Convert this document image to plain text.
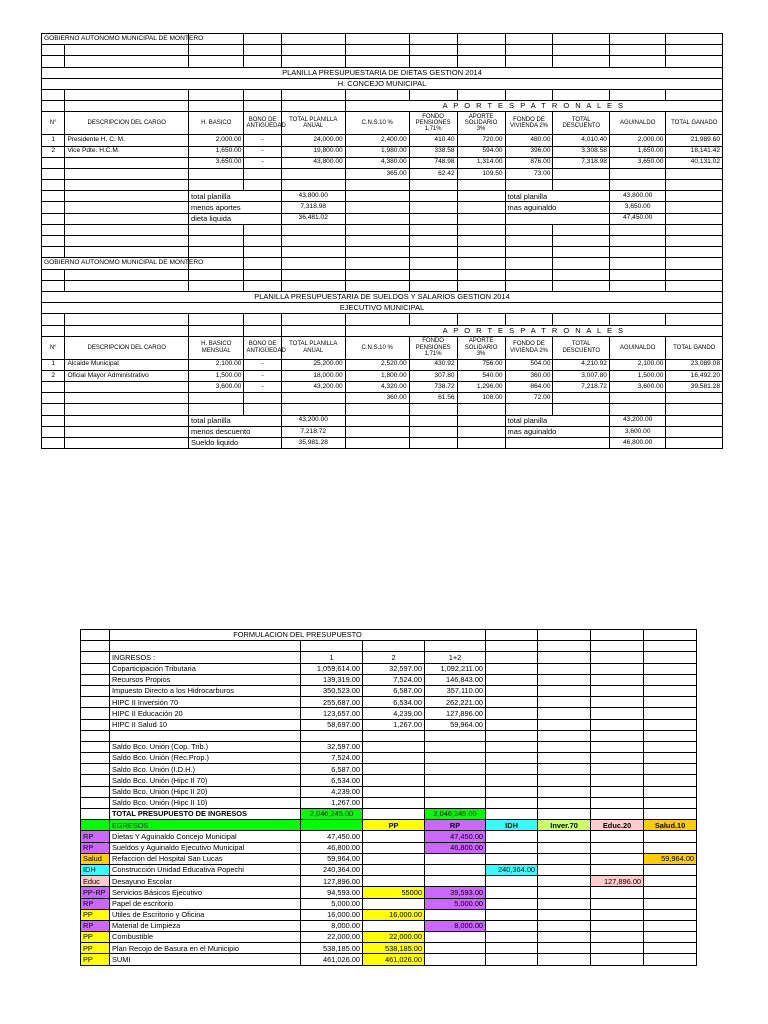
GOBIERNO AUTONOMO MUNICIPAL DE MONTERO											

PLANILLA PRESUPUESTARIA DE DIETAS GESTION 2014											
H. CONCEJO MUNICIPAL											

					A P O R T E S P A T R O N A L E S						
N°	DESCRIPCION DEL CARGO	H. BASICO	BONO DE ANTIGÜEDAD	TOTAL PLANILLA ANUAL	C.N.S.10 %	FONDO PENSIONES 1,71%	APORTE SOLIDARIO 3%	FONDO DE VIVIENDA 2%	TOTAL DESCUENTO	AGUINALDO	TOTAL GANADO
1	Presidente H. C. M.	2,000.00	-	24,000.00	2,400.00	410.40	720.00	480.00	4,010.40	2,000.00	21,989.60
2	Vice Pdte. H.C.M.	1,650.00	-	19,800.00	1,980.00	338.58	594.00	396.00	3,308.58	1,650.00	18,141.42
		3,650.00	-	43,800.00	4,380.00	748.98	1,314.00	876.00	7,318.98	3,650.00	40,131.02
					365.00	62.42	109.50	73.00			

		total planilla		43,800.00				total planilla		43,800.00	
		menos aportes		7,318.98				mas aguinaldo		3,650.00	
		dieta liquida		36,481.02						47,450.00	

GOBIERNO AUTONOMO MUNICIPAL DE MONTERO											

PLANILLA PRESUPUESTARIA DE SUELDOS Y SALARIOS GESTION 2014											
EJECUTIVO MUNICIPAL											

					A P O R T E S P A T R O N A L E S						
N°	DESCRIPCION DEL CARGO	H. BASICO MENSUAL	BONO DE ANTIGÜEDAD	TOTAL PLANILLA ANUAL	C.N.S.10 %	FONDO PENSIONES 1,71%	APORTE SOLIDARIO 3%	FONDO DE VIVIENDA 2%	TOTAL DESCUENTO	AGUINALDO	TOTAL GANDO
1	Alcalde Municipal	2,100.00	-	25,200.00	2,520.00	430.92	756.00	504.00	4,210.92	2,100.00	23,089.08
2	Oficial Mayor Administrativo	1,500.00	-	18,000.00	1,800.00	307.80	540.00	360.00	3,007.80	1,500.00	16,492.20
		3,600.00	-	43,200.00	4,320.00	738.72	1,296.00	864.00	7,218.72	3,600.00	39,581.28
					360.00	61.56	108.00	72.00			

		total planilla		43,200.00				total planilla		43,200.00	
		menos descuento		7,218.72				mas aguinaldo		3,600.00	
		Sueldo liquido		35,981.28						46,800.00	
	FORMULACION DEL PRESUPUESTO							

	INGRESOS :	1	2	1+2				
	Coparticipación Tributaria	1,059,614.00	32,597.00	1,092,211.00				
	Recursos Propios	139,319.00	7,524.00	146,843.00				
	Impuesto Directo a los Hidrocarburos	350,523.00	6,587.00	357,110.00				
	HIPC II Inversión 70	255,687.00	6,534.00	262,221.00				
	HIPC II Educación 20	123,657.00	4,239.00	127,896.00				
	HIPC II Salud 10	58,697.00	1,267.00	59,964.00				

	Saldo Bco. Unión (Cop. Trib.)	32,597.00						
	Saldo Bco. Unión (Rec.Prop.)	7,524.00						
	Saldo Bco. Unión (I.D.H.)	6,587.00						
	Saldo Bco. Unión (Hipc II 70)	6,534.00						
	Saldo Bco. Unión (Hipc II 20)	4,239.00						
	Saldo Bco. Unión (Hipc II 10)	1,267.00						
	TOTAL PRESUPUESTO DE INGRESOS	2,046,245.00		2,046,245.00				
	EGRESOS :		PP	RP	IDH	Inver.70	Educ.20	Salud.10
RP	Dietas Y Aguinaldo Concejo Municipal	47,450.00		47,450.00				
RP	Sueldos y Aguinaldo Ejecutivo Municipal	46,800.00		46,800.00				
Salud	Refaccion del Hospital San Lucas	59,964.00						59,964.00
IDH	Construcción Unidad Educativa Popechi	240,364.00			240,364.00			
Educ	Desayuno Escolar	127,896.00					127,896.00	
PP-RP	Servicios Básicos Ejecutivo	94,593.00	55000	39,593.00				
RP	Papel de escritorio	5,000.00		5,000.00				
PP	Utiles de Escritorio y Oficina	16,000.00	16,000.00					
RP	Material de Limpieza	8,000.00		8,000.00				
PP	Combustible	22,000.00	22,000.00					
PP	Plan Recojo de Basura en el Municipio	538,185.00	538,185.00					
PP	SUMI	461,026.00	461,026.00					
